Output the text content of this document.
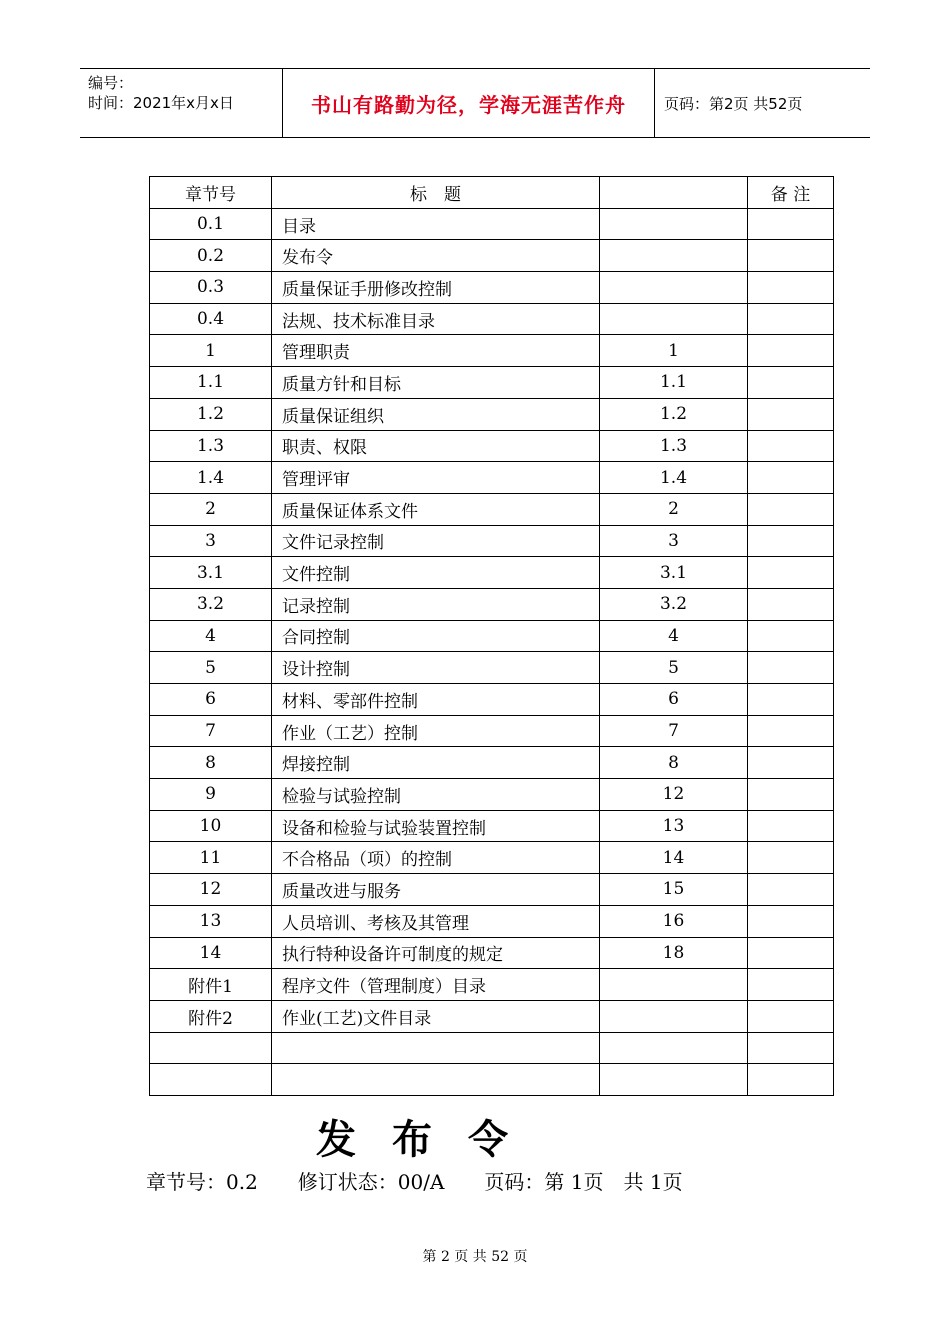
编号：
时间：2021年x月x日	书山有路勤为径，学海无涯苦作舟	页码：第2页 共52页
章节号	标　题		备 注
0.1	目录		
0.2	发布令		
0.3	质量保证手册修改控制		
0.4	法规、技术标准目录		
1	管理职责	1	
1.1	质量方针和目标	1.1	
1.2	质量保证组织	1.2	
1.3	职责、权限	1.3	
1.4	管理评审	1.4	
2	质量保证体系文件	2	
3	文件记录控制	3	
3.1	文件控制	3.1	
3.2	记录控制	3.2	
4	合同控制	4	
5	设计控制	5	
6	材料、零部件控制	6	
7	作业（工艺）控制	7	
8	焊接控制	8	
9	检验与试验控制	12	
10	设备和检验与试验装置控制	13	
11	不合格品（项）的控制	14	
12	质量改进与服务	15	
13	人员培训、考核及其管理	16	
14	执行特种设备许可制度的规定	18	
附件1	程序文件（管理制度）目录		
附件2	作业(工艺)文件目录		

发布令
章节号：0.2　　修订状态：00/A　　页码：第 1页　共 1页
第 2 页 共 52 页
